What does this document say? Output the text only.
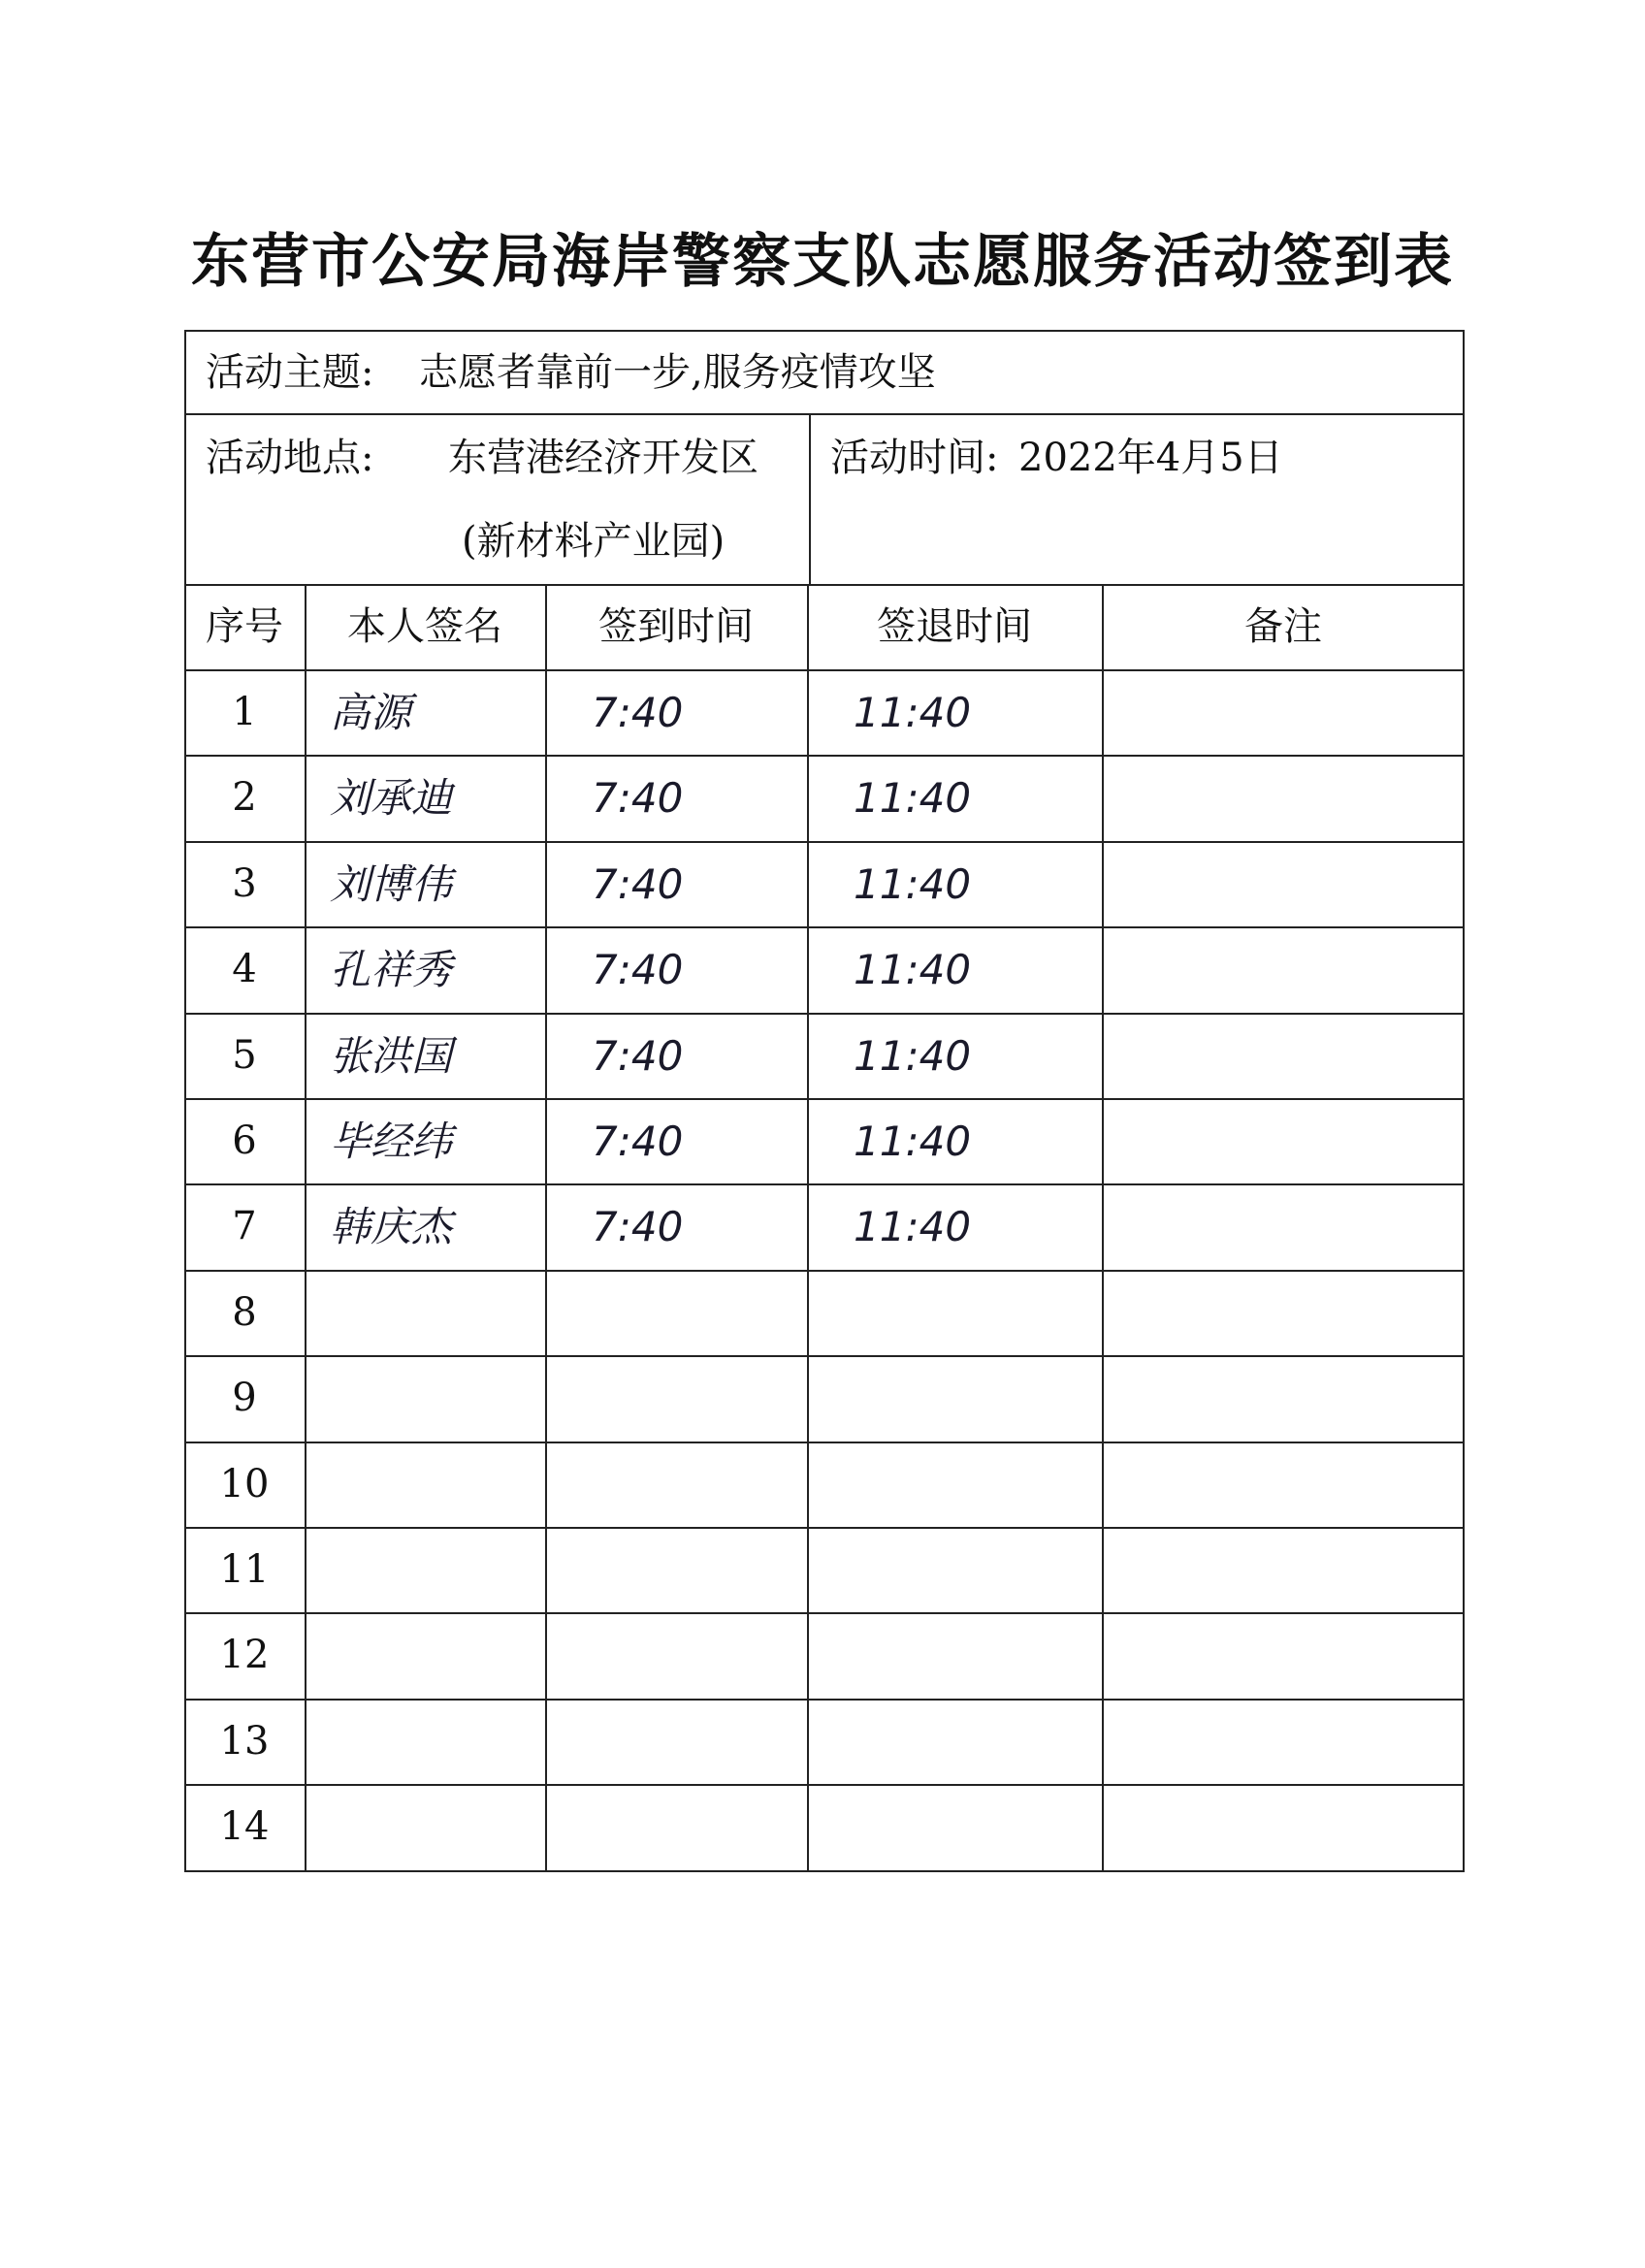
东营市公安局海岸警察支队志愿服务活动签到表
活动主题: 志愿者靠前一步,服务疫情攻坚
活动地点: 东营港经济开发区
(新材料产业园)
活动时间: 2022年4月5日
序号	本人签名	签到时间	签退时间	备注
1	高源	7:40	11:40
2	刘承迪	7:40	11:40
3	刘博伟	7:40	11:40
4	孔祥秀	7:40	11:40
5	张洪国	7:40	11:40
6	毕经纬	7:40	11:40
7	韩庆杰	7:40	11:40
8
9
10
11
12
13
14
